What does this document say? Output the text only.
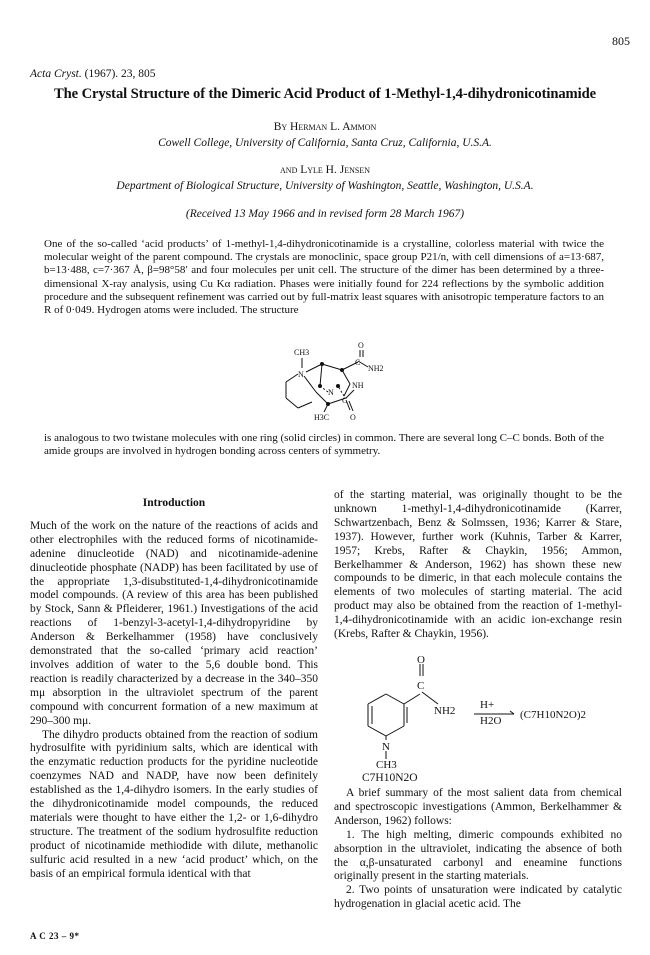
805
Acta Cryst. (1967). 23, 805
The Crystal Structure of the Dimeric Acid Product of 1-Methyl-1,4-dihydronicotinamide
By Herman L. Ammon
Cowell College, University of California, Santa Cruz, California, U.S.A.
and Lyle H. Jensen
Department of Biological Structure, University of Washington, Seattle, Washington, U.S.A.
(Received 13 May 1966 and in revised form 28 March 1967)
One of the so-called ‘acid products’ of 1-methyl-1,4-dihydronicotinamide is a crystalline, colorless material with twice the molecular weight of the parent compound. The crystals are monoclinic, space group P21/n, with cell dimensions of a=13·687, b=13·488, c=7·367 Å, β=98°58′ and four molecules per unit cell. The structure of the dimer has been determined by a three-dimensional X-ray analysis, using Cu Kα radiation. Phases were initially found for 224 reflections by the symbolic addition procedure and the subsequent refinement was carried out by full-matrix least squares with anisotropic temperature factors to an R of 0·049. Hydrogen atoms were included. The structure
CH3
O
C
NH2
N
N
NH
C
H3C	O
is analogous to two twistane molecules with one ring (solid circles) in common. There are several long C–C bonds. Both of the amide groups are involved in hydrogen bonding across centers of symmetry.
Introduction

Much of the work on the nature of the reactions of acids and other electrophiles with the reduced forms of nicotinamide-adenine dinucleotide (NAD) and nicotinamide-adenine dinucleotide phosphate (NADP) has been facilitated by use of the appropriate 1,3-disubstituted-1,4-dihydronicotinamide model compounds. (A review of this area has been published by Stock, Sann & Pfleiderer, 1961.) Investigations of the acid reactions of 1-benzyl-3-acetyl-1,4-dihydropyridine by Anderson & Berkelhammer (1958) have conclusively demonstrated that the so-called ‘primary acid reaction’ involves addition of water to the 5,6 double bond. This reaction is readily characterized by a decrease in the 340–350 mμ absorption in the ultraviolet spectrum of the parent compound with concurrent formation of a new maximum at 290–300 mμ.

The dihydro products obtained from the reaction of sodium hydrosulfite with pyridinium salts, which are identical with the enzymatic reduction products for the pyridine nucleotide coenzymes NAD and NADP, have now been definitely established as the 1,4-dihydro isomers. In the early studies of the dihydronicotinamide model compounds, the reduced materials were thought to have either the 1,2- or 1,6-dihydro structure. The treatment of the sodium hydrosulfite reduction product of nicotinamide methiodide with dilute, methanolic sulfuric acid resulted in a new ‘acid product’ which, on the basis of an empirical formula identical with that

of the starting material, was originally thought to be the unknown 1-methyl-1,4-dihydronicotinamide (Karrer, Schwartzenbach, Benz & Solmssen, 1936; Karrer & Stare, 1937). However, further work (Kuhnis, Tarber & Karrer, 1957; Krebs, Rafter & Chaykin, 1956; Ammon, Berkelhammer & Anderson, 1962) has shown these new compounds to be dimeric, in that each molecule contains the elements of two molecules of starting material. The acid product may also be obtained from the reaction of 1-methyl-1,4-dihydronicotinamide with an acidic ion-exchange resin (Krebs, Rafter & Chaykin, 1956).

O
C
NH2
N
CH3
H+
H2O (C7H10N2O)2
C7H10N2O

A brief summary of the most salient data from chemical and spectroscopic investigations (Ammon, Berkelhammer & Anderson, 1962) follows:

1. The high melting, dimeric compounds exhibited no absorption in the ultraviolet, indicating the absence of both the α,β-unsaturated carbonyl and eneamine functions originally present in the starting materials.

2. Two points of unsaturation were indicated by catalytic hydrogenation in glacial acetic acid. The

A C 23 – 9*
